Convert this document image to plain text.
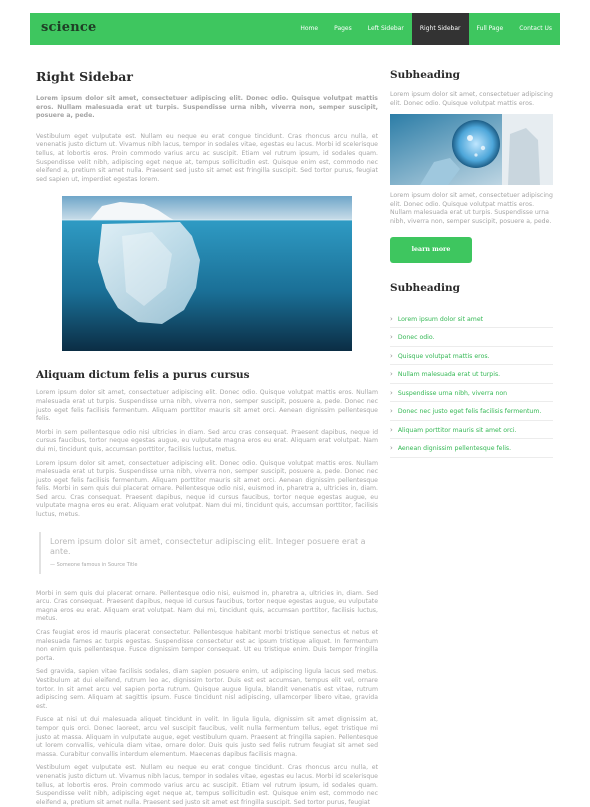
science	Home	Pages	Left Sidebar	Right Sidebar	Full Page	Contact Us
Right Sidebar

Lorem ipsum dolor sit amet, consectetuer adipiscing elit. Donec odio. Quisque volutpat mattis eros. Nullam malesuada erat ut turpis. Suspendisse urna nibh, viverra non, semper suscipit, posuere a, pede.

Vestibulum eget vulputate est. Nullam eu neque eu erat congue tincidunt. Cras rhoncus arcu nulla, et venenatis justo dictum ut. Vivamus nibh lacus, tempor in sodales vitae, egestas eu lacus. Morbi id scelerisque tellus, at lobortis eros. Proin commodo varius arcu ac suscipit. Etiam vel rutrum ipsum, id sodales quam. Suspendisse velit nibh, adipiscing eget neque at, tempus sollicitudin est. Quisque enim est, commodo nec eleifend a, pretium sit amet nulla. Praesent sed justo sit amet est fringilla suscipit. Sed tortor purus, feugiat sed sapien ut, imperdiet egestas lorem.

Aliquam dictum felis a purus cursus

Lorem ipsum dolor sit amet, consectetuer adipiscing elit. Donec odio. Quisque volutpat mattis eros. Nullam malesuada erat ut turpis. Suspendisse urna nibh, viverra non, semper suscipit, posuere a, pede. Donec nec justo eget felis facilisis fermentum. Aliquam porttitor mauris sit amet orci. Aenean dignissim pellentesque felis.

Morbi in sem pellentesque odio nisi ultricies in diam. Sed arcu cras consequat. Praesent dapibus, neque id cursus faucibus, tortor neque egestas augue, eu vulputate magna eros eu erat. Aliquam erat volutpat. Nam dui mi, tincidunt quis, accumsan porttitor, facilisis luctus, metus.

Lorem ipsum dolor sit amet, consectetuer adipiscing elit. Donec odio. Quisque volutpat mattis eros. Nullam malesuada erat ut turpis. Suspendisse urna nibh, viverra non, semper suscipit, posuere a, pede. Donec nec justo eget felis facilisis fermentum. Aliquam porttitor mauris sit amet orci. Aenean dignissim pellentesque felis. Morbi in sem quis dui placerat ornare. Pellentesque odio nisi, euismod in, pharetra a, ultricies in, diam. Sed arcu. Cras consequat. Praesent dapibus, neque id cursus faucibus, tortor neque egestas augue, eu vulputate magna eros eu erat. Aliquam erat volutpat. Nam dui mi, tincidunt quis, accumsan porttitor, facilisis luctus, metus.

Lorem ipsum dolor sit amet, consectetur adipiscing elit. Integer posuere erat a ante.
— Someone famous in Source Title

Morbi in sem quis dui placerat ornare. Pellentesque odio nisi, euismod in, pharetra a, ultricies in, diam. Sed arcu. Cras consequat. Praesent dapibus, neque id cursus faucibus, tortor neque egestas augue, eu vulputate magna eros eu erat. Aliquam erat volutpat. Nam dui mi, tincidunt quis, accumsan porttitor, facilisis luctus, metus.

Cras feugiat eros id mauris placerat consectetur. Pellentesque habitant morbi tristique senectus et netus et malesuada fames ac turpis egestas. Suspendisse consectetur est ac ipsum tristique aliquet. In fermentum non enim quis pellentesque. Fusce dignissim tempor consequat. Ut eu tristique enim. Duis tempor fringilla porta.

Sed gravida, sapien vitae facilisis sodales, diam sapien posuere enim, ut adipiscing ligula lacus sed metus. Vestibulum at dui eleifend, rutrum leo ac, dignissim tortor. Duis est est accumsan, tempus elit vel, ornare tortor. In sit amet arcu vel sapien porta rutrum. Quisque augue ligula, blandit venenatis est vitae, rutrum adipiscing sem. Aliquam at sagittis ipsum. Fusce tincidunt nisl adipiscing, ullamcorper libero vitae, gravida est.

Fusce at nisi ut dui malesuada aliquet tincidunt in velit. In ligula ligula, dignissim sit amet dignissim at, tempor quis orci. Donec laoreet, arcu vel suscipit faucibus, velit nulla fermentum tellus, eget tristique mi justo at massa. Aliquam in vulputate augue, eget vestibulum quam. Praesent at fringilla sapien. Pellentesque ut lorem convallis, vehicula diam vitae, ornare dolor. Duis quis justo sed felis rutrum feugiat sit amet sed massa. Curabitur convallis interdum elementum. Maecenas dapibus facilisis magna.

Vestibulum eget vulputate est. Nullam eu neque eu erat congue tincidunt. Cras rhoncus arcu nulla, et venenatis justo dictum ut. Vivamus nibh lacus, tempor in sodales vitae, egestas eu lacus. Morbi id scelerisque tellus, at lobortis eros. Proin commodo varius arcu ac suscipit. Etiam vel rutrum ipsum, id sodales quam. Suspendisse velit nibh, adipiscing eget neque at, tempus sollicitudin est. Quisque enim est, commodo nec eleifend a, pretium sit amet nulla. Praesent sed justo sit amet est fringilla suscipit. Sed tortor purus, feugiat

Subheading

Lorem ipsum dolor sit amet, consectetuer adipiscing elit. Donec odio. Quisque volutpat mattis eros.

Lorem ipsum dolor sit amet, consectetuer adipiscing elit. Donec odio. Quisque volutpat mattis eros. Nullam malesuada erat ut turpis. Suspendisse urna nibh, viverra non, semper suscipit, posuere a, pede.

learn more
Subheading
› Lorem ipsum dolor sit amet
› Donec odio.
› Quisque volutpat mattis eros.
› Nullam malesuada erat ut turpis.
› Suspendisse urna nibh, viverra non
› Donec nec justo eget felis facilisis fermentum.
› Aliquam porttitor mauris sit amet orci.
› Aenean dignissim pellentesque felis.
